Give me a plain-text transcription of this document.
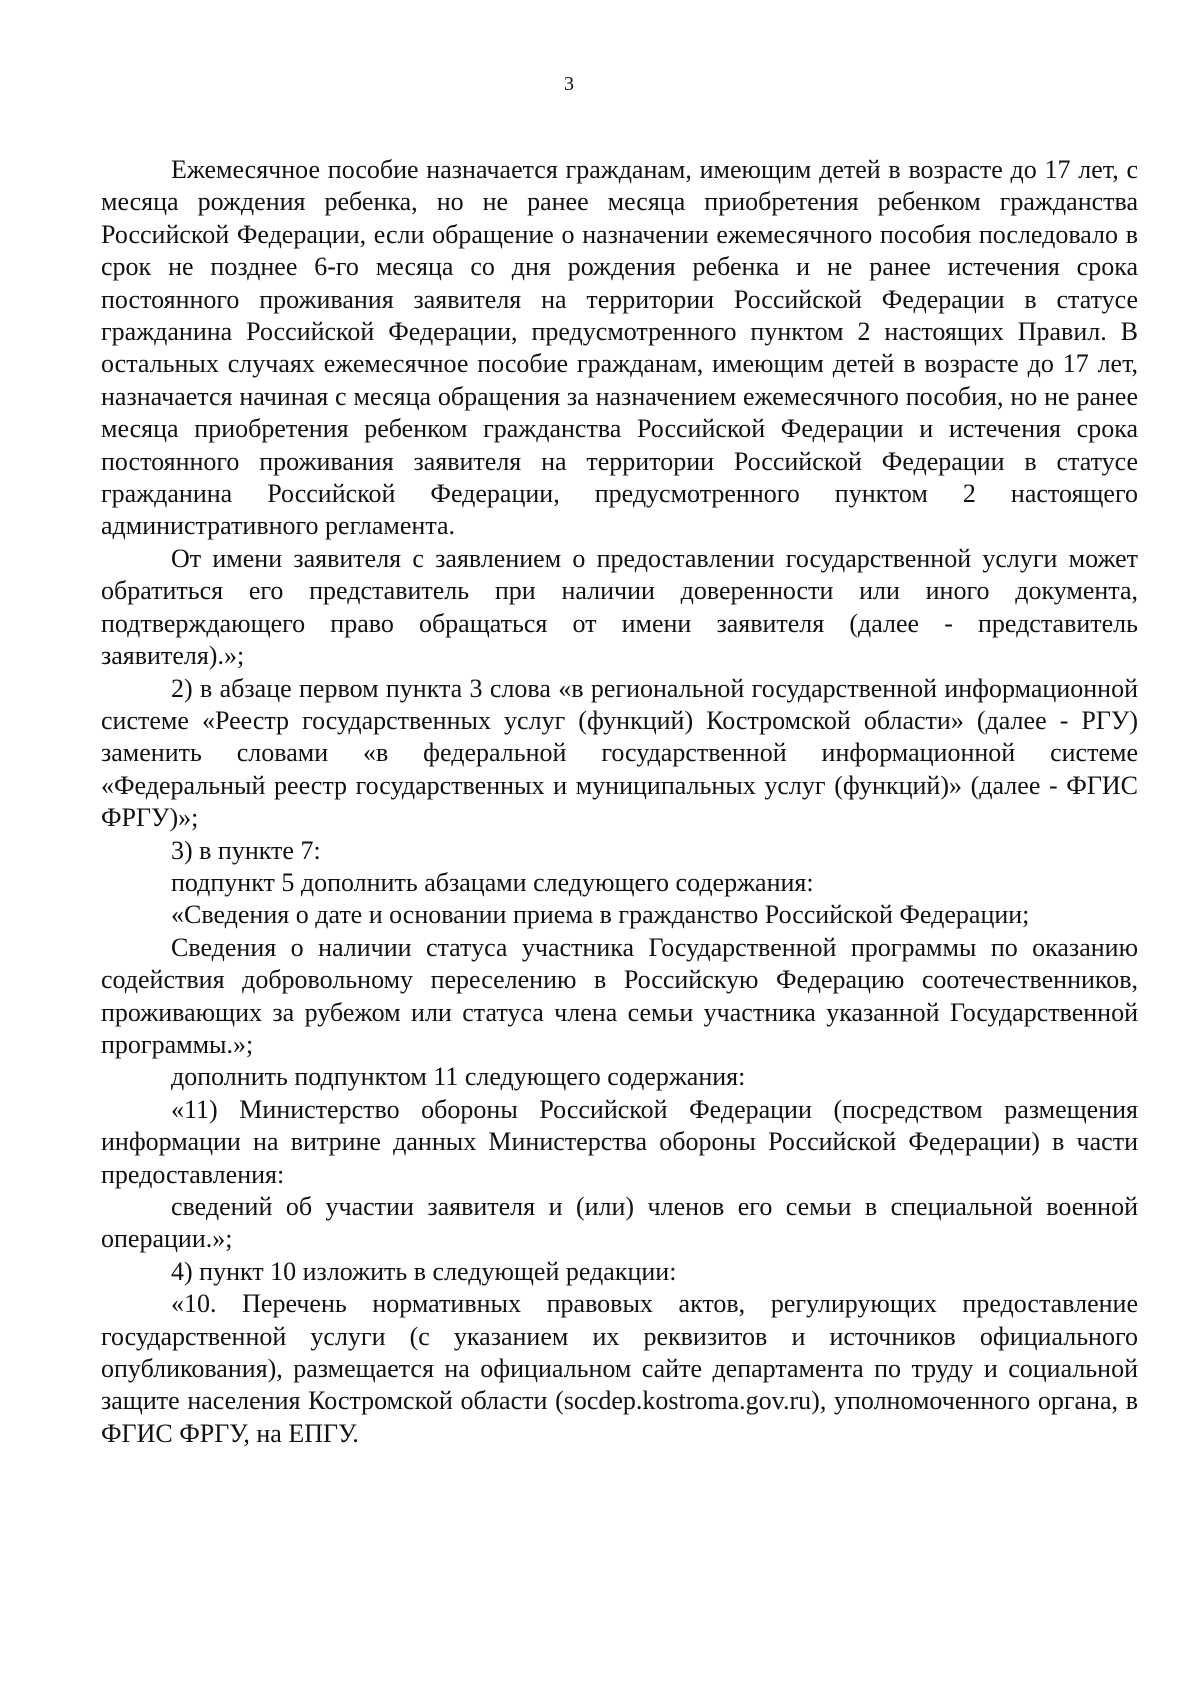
3

Ежемесячное пособие назначается гражданам, имеющим детей в возрасте до 17 лет, с месяца рождения ребенка, но не ранее месяца приобретения ребенком гражданства Российской Федерации, если обращение о назначении ежемесячного пособия последовало в срок не позднее 6-го месяца со дня рождения ребенка и не ранее истечения срока постоянного проживания заявителя на территории Российской Федерации в статусе гражданина Российской Федерации, предусмотренного пунктом 2 настоящих Правил. В остальных случаях ежемесячное пособие гражданам, имеющим детей в возрасте до 17 лет, назначается начиная с месяца обращения за назначением ежемесячного пособия, но не ранее месяца приобретения ребенком гражданства Российской Федерации и истечения срока постоянного проживания заявителя на территории Российской Федерации в статусе гражданина Российской Федерации, предусмотренного пунктом 2 настоящего административного регламента.

От имени заявителя с заявлением о предоставлении государственной услуги может обратиться его представитель при наличии доверенности или иного документа, подтверждающего право обращаться от имени заявителя (далее - представитель заявителя).»;

2) в абзаце первом пункта 3 слова «в региональной государственной информационной системе «Реестр государственных услуг (функций) Костромской области» (далее - РГУ) заменить словами «в федеральной государственной информационной системе «Федеральный реестр государственных и муниципальных услуг (функций)» (далее - ФГИС ФРГУ)»;

3) в пункте 7:

подпункт 5 дополнить абзацами следующего содержания:

«Сведения о дате и основании приема в гражданство Российской Федерации;

Сведения о наличии статуса участника Государственной программы по оказанию содействия добровольному переселению в Российскую Федерацию соотечественников, проживающих за рубежом или статуса члена семьи участника указанной Государственной программы.»;

дополнить подпунктом 11 следующего содержания:

«11) Министерство обороны Российской Федерации (посредством размещения информации на витрине данных Министерства обороны Российской Федерации) в части предоставления:

сведений об участии заявителя и (или) членов его семьи в специальной военной операции.»;

4) пункт 10 изложить в следующей редакции:

«10. Перечень нормативных правовых актов, регулирующих предоставление государственной услуги (с указанием их реквизитов и источников официального опубликования), размещается на официальном сайте департамента по труду и социальной защите населения Костромской области (socdep.kostroma.gov.ru), уполномоченного органа, в ФГИС ФРГУ, на ЕПГУ.
